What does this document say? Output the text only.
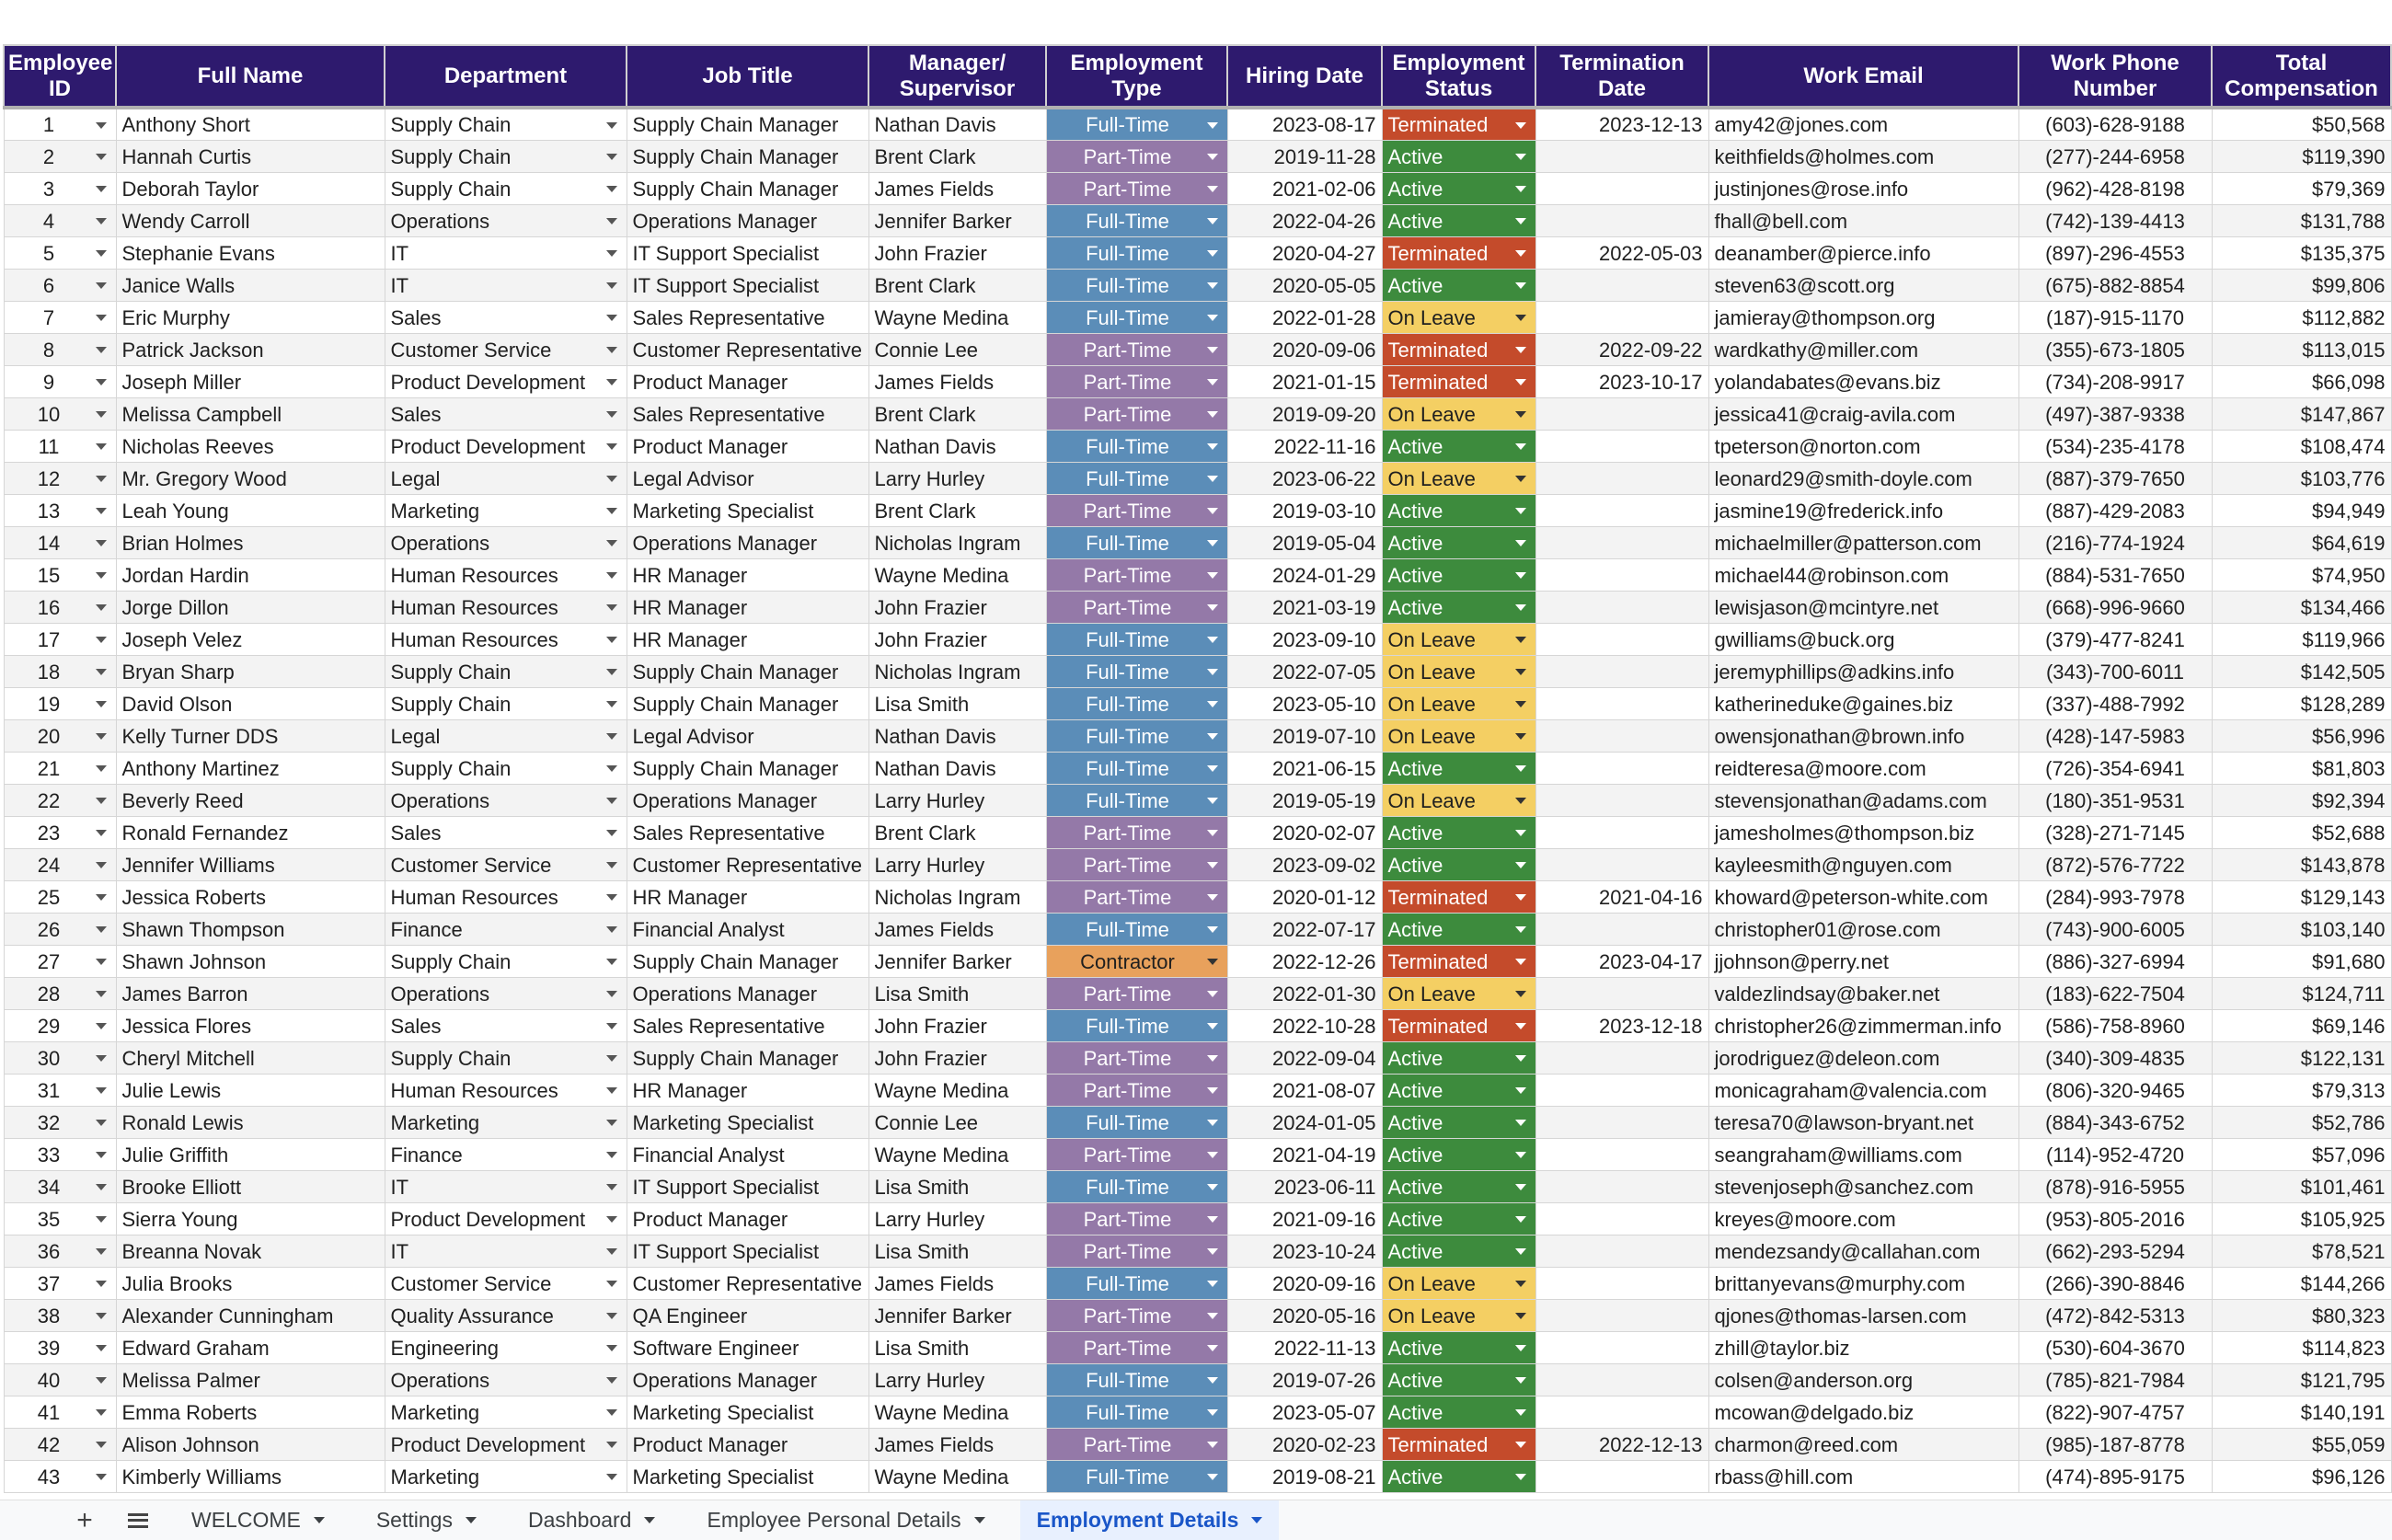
Employee ID	Full Name	Department	Job Title	Manager/ Supervisor	Employment Type	Hiring Date	Employment Status	Termination Date	Work Email	Work Phone Number	Total Compensation
1	Anthony Short	Supply Chain	Supply Chain Manager	Nathan Davis	Full-Time	2023-08-17	Terminated	2023-12-13	amy42@jones.com	(603)-628-9188	$50,568
2	Hannah Curtis	Supply Chain	Supply Chain Manager	Brent Clark	Part-Time	2019-11-28	Active		keithfields@holmes.com	(277)-244-6958	$119,390
3	Deborah Taylor	Supply Chain	Supply Chain Manager	James Fields	Part-Time	2021-02-06	Active		justinjones@rose.info	(962)-428-8198	$79,369
4	Wendy Carroll	Operations	Operations Manager	Jennifer Barker	Full-Time	2022-04-26	Active		fhall@bell.com	(742)-139-4413	$131,788
5	Stephanie Evans	IT	IT Support Specialist	John Frazier	Full-Time	2020-04-27	Terminated	2022-05-03	deanamber@pierce.info	(897)-296-4553	$135,375
6	Janice Walls	IT	IT Support Specialist	Brent Clark	Full-Time	2020-05-05	Active		steven63@scott.org	(675)-882-8854	$99,806
7	Eric Murphy	Sales	Sales Representative	Wayne Medina	Full-Time	2022-01-28	On Leave		jamieray@thompson.org	(187)-915-1170	$112,882
8	Patrick Jackson	Customer Service	Customer Representative	Connie Lee	Part-Time	2020-09-06	Terminated	2022-09-22	wardkathy@miller.com	(355)-673-1805	$113,015
9	Joseph Miller	Product Development	Product Manager	James Fields	Part-Time	2021-01-15	Terminated	2023-10-17	yolandabates@evans.biz	(734)-208-9917	$66,098
10	Melissa Campbell	Sales	Sales Representative	Brent Clark	Part-Time	2019-09-20	On Leave		jessica41@craig-avila.com	(497)-387-9338	$147,867
11	Nicholas Reeves	Product Development	Product Manager	Nathan Davis	Full-Time	2022-11-16	Active		tpeterson@norton.com	(534)-235-4178	$108,474
12	Mr. Gregory Wood	Legal	Legal Advisor	Larry Hurley	Full-Time	2023-06-22	On Leave		leonard29@smith-doyle.com	(887)-379-7650	$103,776
13	Leah Young	Marketing	Marketing Specialist	Brent Clark	Part-Time	2019-03-10	Active		jasmine19@frederick.info	(887)-429-2083	$94,949
14	Brian Holmes	Operations	Operations Manager	Nicholas Ingram	Full-Time	2019-05-04	Active		michaelmiller@patterson.com	(216)-774-1924	$64,619
15	Jordan Hardin	Human Resources	HR Manager	Wayne Medina	Part-Time	2024-01-29	Active		michael44@robinson.com	(884)-531-7650	$74,950
16	Jorge Dillon	Human Resources	HR Manager	John Frazier	Part-Time	2021-03-19	Active		lewisjason@mcintyre.net	(668)-996-9660	$134,466
17	Joseph Velez	Human Resources	HR Manager	John Frazier	Full-Time	2023-09-10	On Leave		gwilliams@buck.org	(379)-477-8241	$119,966
18	Bryan Sharp	Supply Chain	Supply Chain Manager	Nicholas Ingram	Full-Time	2022-07-05	On Leave		jeremyphillips@adkins.info	(343)-700-6011	$142,505
19	David Olson	Supply Chain	Supply Chain Manager	Lisa Smith	Full-Time	2023-05-10	On Leave		katherineduke@gaines.biz	(337)-488-7992	$128,289
20	Kelly Turner DDS	Legal	Legal Advisor	Nathan Davis	Full-Time	2019-07-10	On Leave		owensjonathan@brown.info	(428)-147-5983	$56,996
21	Anthony Martinez	Supply Chain	Supply Chain Manager	Nathan Davis	Full-Time	2021-06-15	Active		reidteresa@moore.com	(726)-354-6941	$81,803
22	Beverly Reed	Operations	Operations Manager	Larry Hurley	Full-Time	2019-05-19	On Leave		stevensjonathan@adams.com	(180)-351-9531	$92,394
23	Ronald Fernandez	Sales	Sales Representative	Brent Clark	Part-Time	2020-02-07	Active		jamesholmes@thompson.biz	(328)-271-7145	$52,688
24	Jennifer Williams	Customer Service	Customer Representative	Larry Hurley	Part-Time	2023-09-02	Active		kayleesmith@nguyen.com	(872)-576-7722	$143,878
25	Jessica Roberts	Human Resources	HR Manager	Nicholas Ingram	Part-Time	2020-01-12	Terminated	2021-04-16	khoward@peterson-white.com	(284)-993-7978	$129,143
26	Shawn Thompson	Finance	Financial Analyst	James Fields	Full-Time	2022-07-17	Active		christopher01@rose.com	(743)-900-6005	$103,140
27	Shawn Johnson	Supply Chain	Supply Chain Manager	Jennifer Barker	Contractor	2022-12-26	Terminated	2023-04-17	jjohnson@perry.net	(886)-327-6994	$91,680
28	James Barron	Operations	Operations Manager	Lisa Smith	Part-Time	2022-01-30	On Leave		valdezlindsay@baker.net	(183)-622-7504	$124,711
29	Jessica Flores	Sales	Sales Representative	John Frazier	Full-Time	2022-10-28	Terminated	2023-12-18	christopher26@zimmerman.info	(586)-758-8960	$69,146
30	Cheryl Mitchell	Supply Chain	Supply Chain Manager	John Frazier	Part-Time	2022-09-04	Active		jorodriguez@deleon.com	(340)-309-4835	$122,131
31	Julie Lewis	Human Resources	HR Manager	Wayne Medina	Part-Time	2021-08-07	Active		monicagraham@valencia.com	(806)-320-9465	$79,313
32	Ronald Lewis	Marketing	Marketing Specialist	Connie Lee	Full-Time	2024-01-05	Active		teresa70@lawson-bryant.net	(884)-343-6752	$52,786
33	Julie Griffith	Finance	Financial Analyst	Wayne Medina	Part-Time	2021-04-19	Active		seangraham@williams.com	(114)-952-4720	$57,096
34	Brooke Elliott	IT	IT Support Specialist	Lisa Smith	Full-Time	2023-06-11	Active		stevenjoseph@sanchez.com	(878)-916-5955	$101,461
35	Sierra Young	Product Development	Product Manager	Larry Hurley	Part-Time	2021-09-16	Active		kreyes@moore.com	(953)-805-2016	$105,925
36	Breanna Novak	IT	IT Support Specialist	Lisa Smith	Part-Time	2023-10-24	Active		mendezsandy@callahan.com	(662)-293-5294	$78,521
37	Julia Brooks	Customer Service	Customer Representative	James Fields	Full-Time	2020-09-16	On Leave		brittanyevans@murphy.com	(266)-390-8846	$144,266
38	Alexander Cunningham	Quality Assurance	QA Engineer	Jennifer Barker	Part-Time	2020-05-16	On Leave		qjones@thomas-larsen.com	(472)-842-5313	$80,323
39	Edward Graham	Engineering	Software Engineer	Lisa Smith	Part-Time	2022-11-13	Active		zhill@taylor.biz	(530)-604-3670	$114,823
40	Melissa Palmer	Operations	Operations Manager	Larry Hurley	Full-Time	2019-07-26	Active		colsen@anderson.org	(785)-821-7984	$121,795
41	Emma Roberts	Marketing	Marketing Specialist	Wayne Medina	Full-Time	2023-05-07	Active		mcowan@delgado.biz	(822)-907-4757	$140,191
42	Alison Johnson	Product Development	Product Manager	James Fields	Part-Time	2020-02-23	Terminated	2022-12-13	charmon@reed.com	(985)-187-8778	$55,059
43	Kimberly Williams	Marketing	Marketing Specialist	Wayne Medina	Full-Time	2019-08-21	Active		rbass@hill.com	(474)-895-9175	$96,126
+	WELCOME	Settings	Dashboard	Employee Personal Details	Employment Details
